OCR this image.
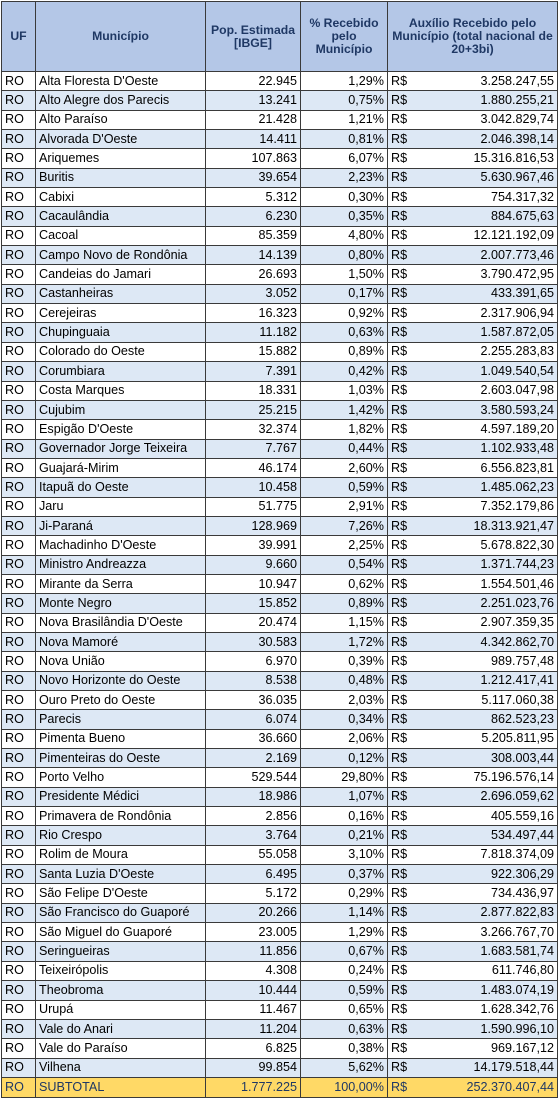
UF	Município	Pop. Estimada [IBGE]	% Recebido pelo Município	Auxílio Recebido pelo Município (total nacional de 20+3bi)
RO	Alta Floresta D'Oeste	22.945	1,29%	R$ 3.258.247,55

RO	Alto Alegre dos Parecis	13.241	0,75%	R$ 1.880.255,21

RO	Alto Paraíso	21.428	1,21%	R$ 3.042.829,74

RO	Alvorada D'Oeste	14.411	0,81%	R$ 2.046.398,14

RO	Ariquemes	107.863	6,07%	R$ 15.316.816,53

RO	Buritis	39.654	2,23%	R$ 5.630.967,46

RO	Cabixi	5.312	0,30%	R$ 754.317,32

RO	Cacaulândia	6.230	0,35%	R$ 884.675,63

RO	Cacoal	85.359	4,80%	R$ 12.121.192,09

RO	Campo Novo de Rondônia	14.139	0,80%	R$ 2.007.773,46

RO	Candeias do Jamari	26.693	1,50%	R$ 3.790.472,95

RO	Castanheiras	3.052	0,17%	R$ 433.391,65

RO	Cerejeiras	16.323	0,92%	R$ 2.317.906,94

RO	Chupinguaia	11.182	0,63%	R$ 1.587.872,05

RO	Colorado do Oeste	15.882	0,89%	R$ 2.255.283,83

RO	Corumbiara	7.391	0,42%	R$ 1.049.540,54

RO	Costa Marques	18.331	1,03%	R$ 2.603.047,98

RO	Cujubim	25.215	1,42%	R$ 3.580.593,24

RO	Espigão D'Oeste	32.374	1,82%	R$ 4.597.189,20

RO	Governador Jorge Teixeira	7.767	0,44%	R$ 1.102.933,48

RO	Guajará-Mirim	46.174	2,60%	R$ 6.556.823,81

RO	Itapuã do Oeste	10.458	0,59%	R$ 1.485.062,23

RO	Jaru	51.775	2,91%	R$ 7.352.179,86

RO	Ji-Paraná	128.969	7,26%	R$ 18.313.921,47

RO	Machadinho D'Oeste	39.991	2,25%	R$ 5.678.822,30

RO	Ministro Andreazza	9.660	0,54%	R$ 1.371.744,23

RO	Mirante da Serra	10.947	0,62%	R$ 1.554.501,46

RO	Monte Negro	15.852	0,89%	R$ 2.251.023,76

RO	Nova Brasilândia D'Oeste	20.474	1,15%	R$ 2.907.359,35

RO	Nova Mamoré	30.583	1,72%	R$ 4.342.862,70

RO	Nova União	6.970	0,39%	R$ 989.757,48

RO	Novo Horizonte do Oeste	8.538	0,48%	R$ 1.212.417,41

RO	Ouro Preto do Oeste	36.035	2,03%	R$ 5.117.060,38

RO	Parecis	6.074	0,34%	R$ 862.523,23

RO	Pimenta Bueno	36.660	2,06%	R$ 5.205.811,95

RO	Pimenteiras do Oeste	2.169	0,12%	R$ 308.003,44

RO	Porto Velho	529.544	29,80%	R$ 75.196.576,14

RO	Presidente Médici	18.986	1,07%	R$ 2.696.059,62

RO	Primavera de Rondônia	2.856	0,16%	R$ 405.559,16

RO	Rio Crespo	3.764	0,21%	R$ 534.497,44

RO	Rolim de Moura	55.058	3,10%	R$ 7.818.374,09

RO	Santa Luzia D'Oeste	6.495	0,37%	R$ 922.306,29

RO	São Felipe D'Oeste	5.172	0,29%	R$ 734.436,97

RO	São Francisco do Guaporé	20.266	1,14%	R$ 2.877.822,83

RO	São Miguel do Guaporé	23.005	1,29%	R$ 3.266.767,70

RO	Seringueiras	11.856	0,67%	R$ 1.683.581,74

RO	Teixeirópolis	4.308	0,24%	R$ 611.746,80

RO	Theobroma	10.444	0,59%	R$ 1.483.074,19

RO	Urupá	11.467	0,65%	R$ 1.628.342,76

RO	Vale do Anari	11.204	0,63%	R$ 1.590.996,10

RO	Vale do Paraíso	6.825	0,38%	R$ 969.167,12

RO	Vilhena	99.854	5,62%	R$ 14.179.518,44

RO	SUBTOTAL	1.777.225	100,00%	R$ 252.370.407,44
